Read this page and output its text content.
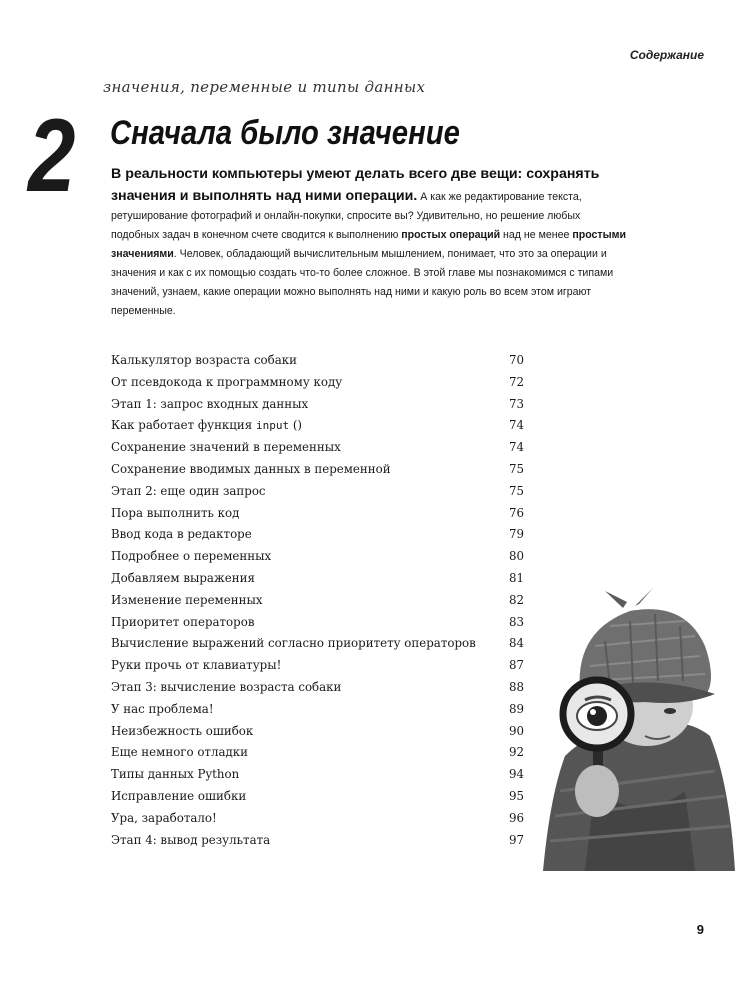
Содержание
значения, переменные и типы данных
2 Сначала было значение
В реальности компьютеры умеют делать всего две вещи: сохранять значения и выполнять над ними операции. А как же редактирование текста, ретуширование фотографий и онлайн-покупки, спросите вы? Удивительно, но решение любых подобных задач в конечном счете сводится к выполнению простых операций над не менее простыми значениями. Человек, обладающий вычислительным мышлением, понимает, что это за операции и значения и как с их помощью создать что-то более сложное. В этой главе мы познакомимся с типами значений, узнаем, какие операции можно выполнять над ними и какую роль во всем этом играют переменные.
Калькулятор возраста собаки	70
От псевдокода к программному коду	72
Этап 1: запрос входных данных	73
Как работает функция input ()	74
Сохранение значений в переменных	74
Сохранение вводимых данных в переменной	75
Этап 2: еще один запрос	75
Пора выполнить код	76
Ввод кода в редакторе	79
Подробнее о переменных	80
Добавляем выражения	81
Изменение переменных	82
Приоритет операторов	83
Вычисление выражений согласно приоритету операторов	84
Руки прочь от клавиатуры!	87
Этап 3: вычисление возраста собаки	88
У нас проблема!	89
Неизбежность ошибок	90
Еще немного отладки	92
Типы данных Python	94
Исправление ошибки	95
Ура, заработало!	96
Этап 4: вывод результата	97
9
